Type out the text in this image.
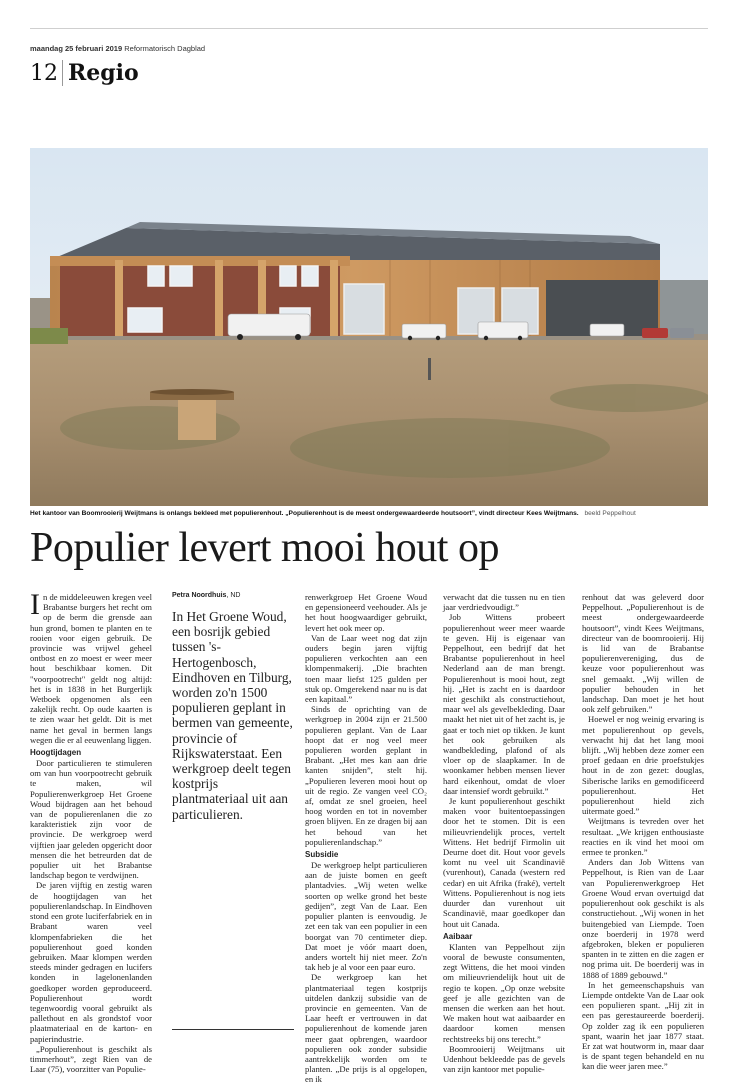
maandag 25 februari 2019 Reformatorisch Dagblad
12 Regio
Het kantoor van Boomrooierij Weijtmans is onlangs bekleed met populierenhout. „Populierenhout is de meest ondergewaardeerde houtsoort”, vindt directeur Kees Weijtmans. beeld Peppelhout
Populier levert mooi hout op

In de middeleeuwen kregen veel Brabantse burgers het recht om op de berm die grensde aan hun grond, bomen te planten en te rooien voor eigen gebruik. De provincie was vrijwel geheel ontbost en zo moest er weer meer hout beschikbaar komen. Dit "voorpootrecht" geldt nog altijd: het is in 1838 in het Burgerlijk Wetboek opgenomen als een zakelijk recht. Op oude kaarten is te zien waar het geldt. Dit is met name het geval in bermen langs wegen die er al eeuwenlang liggen.

Hoogtijdagen

Door particulieren te stimuleren om van hun voorpootrecht gebruik te maken, wil Populierenwerkgroep Het Groene Woud bijdragen aan het behoud van de populierenlanen die zo karakteristiek zijn voor de provincie. De werkgroep werd vijftien jaar geleden opgericht door mensen die het betreurden dat de populier uit het Brabantse landschap begon te verdwijnen.

De jaren vijftig en zestig waren de hoogtijdagen van het populierenlandschap. In Eindhoven stond een grote luciferfabriek en in Brabant waren veel klompenfabrieken die het populierenhout goed konden gebruiken. Maar klompen werden steeds minder gedragen en lucifers konden in lagelonenlanden goedkoper worden geproduceerd. Populierenhout wordt tegenwoordig vooral gebruikt als pallethout en als grondstof voor plaatmateriaal en de karton- en papierindustrie.

„Populierenhout is geschikt als timmerhout”, zegt Rien van de Laar (75), voorzitter van Populie-

Petra Noordhuis, ND
In Het Groene Woud, een bosrijk gebied tussen 's-Hertogenbosch, Eindhoven en Tilburg, worden zo'n 1500 populieren geplant in bermen van gemeente, provincie of Rijkswaterstaat. Een werkgroep deelt tegen kostprijs plantmateriaal uit aan particulieren.

renwerkgroep Het Groene Woud en gepensioneerd veehouder. Als je het hout hoogwaardiger gebruikt, levert het ook meer op.

Van de Laar weet nog dat zijn ouders begin jaren vijftig populieren verkochten aan een klompenmakerij. „Die brachten toen maar liefst 125 gulden per stuk op. Omgerekend naar nu is dat een kapitaal.”

Sinds de oprichting van de werkgroep in 2004 zijn er 21.500 populieren geplant. Van de Laar hoopt dat er nog veel meer populieren worden geplant in Brabant. „Het mes kan aan drie kanten snijden”, stelt hij. „Populieren leveren mooi hout op uit de regio. Ze vangen veel CO₂ af, omdat ze snel groeien, heel hoog worden en tot in november groen blijven. En ze dragen bij aan het behoud van het populierenlandschap.”

Subsidie

De werkgroep helpt particulieren aan de juiste bomen en geeft plantadvies. „Wij weten welke soorten op welke grond het beste gedijen”, zegt Van de Laar. Een populier planten is eenvoudig. Je zet een tak van een populier in een boorgat van 70 centimeter diep. Dat moet je vóór maart doen, anders wortelt hij niet meer. Zo'n tak heb je al voor een paar euro.

De werkgroep kan het plantmateriaal tegen kostprijs uitdelen dankzij subsidie van de provincie en gemeenten. Van de Laar heeft er vertrouwen in dat populierenhout de komende jaren meer gaat opbrengen, waardoor populieren ook zonder subsidie aantrekkelijk worden om te planten. „De prijs is al opgelopen, en ik

verwacht dat die tussen nu en tien jaar verdriedvoudigt.”

Job Wittens probeert populierenhout weer meer waarde te geven. Hij is eigenaar van Peppelhout, een bedrijf dat het Brabantse populierenhout in heel Nederland aan de man brengt. Populierenhout is mooi hout, zegt hij. „Het is zacht en is daardoor niet geschikt als constructiehout, maar wel als gevelbekleding. Daar maakt het niet uit of het zacht is, je gaat er toch niet op tikken. Je kunt het ook gebruiken als wandbekleding, plafond of als vloer op de slaapkamer. In de woonkamer hebben mensen liever hard eikenhout, omdat de vloer daar intensief wordt gebruikt.”

Je kunt populierenhout geschikt maken voor buitentoepassingen door het te stomen. Dit is een milieuvriendelijk proces, vertelt Wittens. Het bedrijf Firmolin uit Deurne doet dit. Hout voor gevels komt nu veel uit Scandinavië (vurenhout), Canada (western red cedar) en uit Afrika (fraké), vertelt Wittens. Populierenhout is nog iets duurder dan vurenhout uit Scandinavië, maar goedkoper dan hout uit Canada.

Aaibaar

Klanten van Peppelhout zijn vooral de bewuste consumenten, zegt Wittens, die het mooi vinden om milieuvriendelijk hout uit de regio te kopen. „Op onze website geef je alle gezichten van de mensen die werken aan het hout. We maken hout wat aaibaarder en daardoor komen mensen rechtstreeks bij ons terecht.”

Boomrooierij Weijtmans uit Udenhout bekleedde pas de gevels van zijn kantoor met populie-

renhout dat was geleverd door Peppelhout. „Populierenhout is de meest ondergewaardeerde houtsoort”, vindt Kees Weijtmans, directeur van de boomrooierij. Hij is lid van de Brabantse populierenvereniging, dus de keuze voor populierenhout was snel gemaakt. „Wij willen de populier behouden in het landschap. Dan moet je het hout ook zelf gebruiken.”

Hoewel er nog weinig ervaring is met populierenhout op gevels, verwacht hij dat het lang mooi blijft. „Wij hebben deze zomer een proef gedaan en drie proefstukjes hout in de zon gezet: douglas, Siberische lariks en gemodificeerd populierenhout. Het populierenhout hield zich uitermate goed.”

Weijtmans is tevreden over het resultaat. „We krijgen enthousiaste reacties en ik vind het mooi om ermee te pronken.”

Anders dan Job Wittens van Peppelhout, is Rien van de Laar van Populierenwerkgroep Het Groene Woud ervan overtuigd dat populierenhout ook geschikt is als constructiehout. „Wij wonen in het buitengebied van Liempde. Toen onze boerderij in 1978 werd afgebroken, bleken er populieren spanten in te zitten en die zagen er nog prima uit. De boerderij was in 1888 of 1889 gebouwd.”

In het gemeenschapshuis van Liempde ontdekte Van de Laar ook een populieren spant. „Hij zit in een pas gerestaureerde boerderij. Op zolder zag ik een populieren spant, waarin het jaar 1877 staat. Er zat wat houtworm in, maar daar is de spant tegen behandeld en nu kan die weer jaren mee.”
